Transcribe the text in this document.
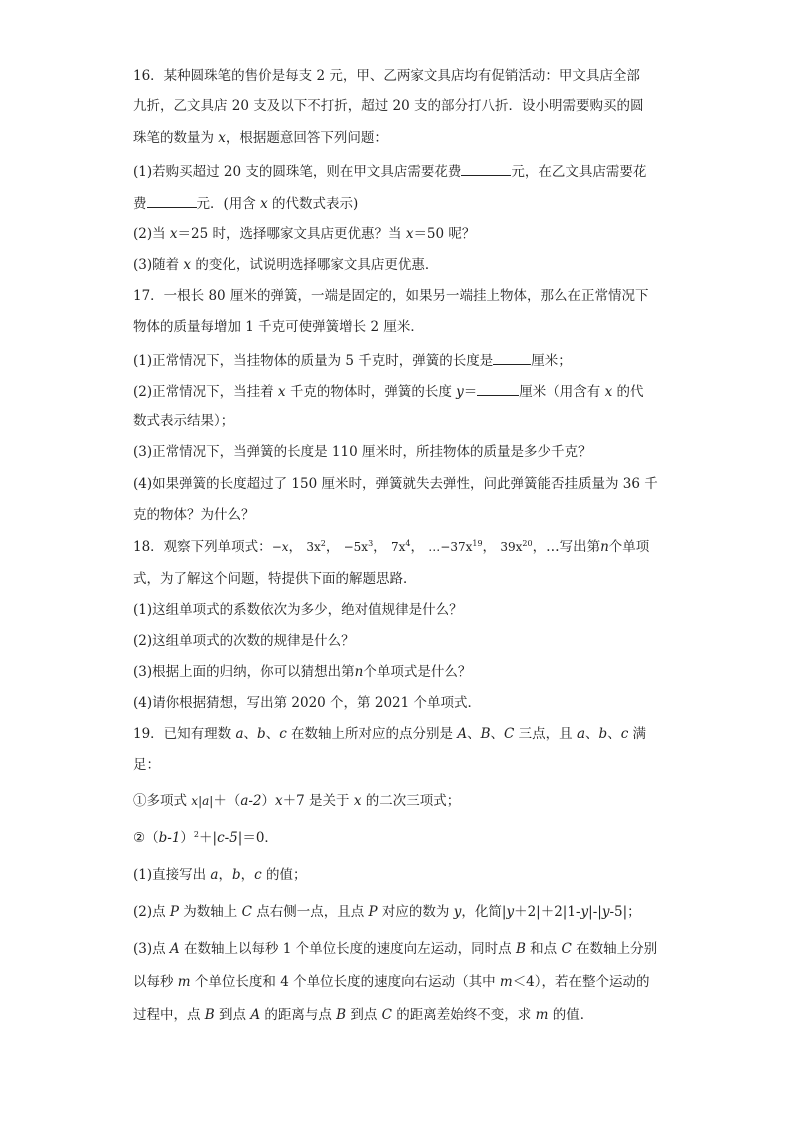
16．某种圆珠笔的售价是每支 2 元，甲、乙两家文具店均有促销活动：甲文具店全部
九折，乙文具店 20 支及以下不打折，超过 20 支的部分打八折．设小明需要购买的圆
珠笔的数量为 x，根据题意回答下列问题：
(1)若购买超过 20 支的圆珠笔，则在甲文具店需要花费	元，在乙文具店需要花
费	元．(用含 x 的代数式表示)
(2)当 x＝25 时，选择哪家文具店更优惠？当 x＝50 呢？
(3)随着 x 的变化，试说明选择哪家文具店更优惠．
17．一根长 80 厘米的弹簧，一端是固定的，如果另一端挂上物体，那么在正常情况下
物体的质量每增加 1 千克可使弹簧增长 2 厘米．
(1)正常情况下，当挂物体的质量为 5 千克时，弹簧的长度是	厘米；
(2)正常情况下，当挂着 x 千克的物体时，弹簧的长度 y＝	厘米（用含有 x 的代
数式表示结果）；
(3)正常情况下，当弹簧的长度是 110 厘米时，所挂物体的质量是多少千克？
(4)如果弹簧的长度超过了 150 厘米时，弹簧就失去弹性，问此弹簧能否挂质量为 36 千
克的物体？为什么？
18．观察下列单项式：−x， $3x^2$， $-5x^3$， $7x^4$， $\dots-37x^{19}$， $39x^{20}$，…写出第n个单项
式，为了解这个问题，特提供下面的解题思路．
(1)这组单项式的系数依次为多少，绝对值规律是什么？
(2)这组单项式的次数的规律是什么？
(3)根据上面的归纳，你可以猜想出第n个单项式是什么？
(4)请你根据猜想，写出第 2020 个，第 2021 个单项式．
19．已知有理数 a、b、c 在数轴上所对应的点分别是 A、B、C 三点，且 a、b、c 满
足：
①多项式 x|a|＋（a-2）x＋7 是关于 x 的二次三项式；
$②(b-1)^2+|c-5|=0$．
(1)直接写出 a，b，c 的值；
(2)点 P 为数轴上 C 点右侧一点，且点 P 对应的数为 y，化简|y＋2|＋2|1-y|-|y-5|；
(3)点 A 在数轴上以每秒 1 个单位长度的速度向左运动，同时点 B 和点 C 在数轴上分别
以每秒 m 个单位长度和 4 个单位长度的速度向右运动（其中 m＜4），若在整个运动的
过程中，点 B 到点 A 的距离与点 B 到点 C 的距离差始终不变，求 m 的值．
